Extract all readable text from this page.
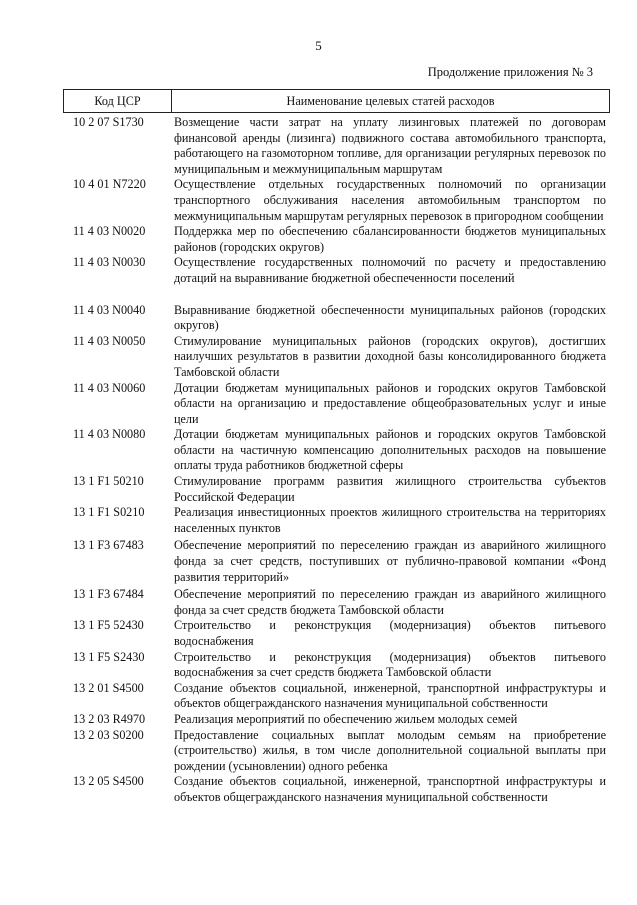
5
Продолжение приложения № 3
Код ЦСР	Наименование целевых статей расходов
10 2 07 S1730	Возмещение части затрат на уплату лизинговых платежей по договорам финансовой аренды (лизинга) подвижного состава автомобильного транспорта, работающего на газомоторном топливе, для организации регулярных перевозок по муниципальным и межмуниципальным маршрутам
10 4 01 N7220	Осуществление отдельных государственных полномочий по организации транспортного обслуживания населения автомобильным транспортом по межмуниципальным маршрутам регулярных перевозок в пригородном сообщении
11 4 03 N0020	Поддержка мер по обеспечению сбалансированности бюджетов муниципальных районов (городских округов)
11 4 03 N0030	Осуществление государственных полномочий по расчету и предоставлению дотаций на выравнивание бюджетной обеспеченности поселений
11 4 03 N0040	Выравнивание бюджетной обеспеченности муниципальных районов (городских округов)
11 4 03 N0050	Стимулирование муниципальных районов (городских округов), достигших наилучших результатов в развитии доходной базы консолидированного бюджета Тамбовской области
11 4 03 N0060	Дотации бюджетам муниципальных районов и городских округов Тамбовской области на организацию и предоставление общеобразовательных услуг и иные цели
11 4 03 N0080	Дотации бюджетам муниципальных районов и городских округов Тамбовской области на частичную компенсацию дополнительных расходов на повышение оплаты труда работников бюджетной сферы
13 1 F1 50210	Стимулирование программ развития жилищного строительства субъектов Российской Федерации
13 1 F1 S0210	Реализация инвестиционных проектов жилищного строительства на территориях населенных пунктов
13 1 F3 67483	Обеспечение мероприятий по переселению граждан из аварийного жилищного фонда за счет средств, поступивших от публично-правовой компании «Фонд развития территорий»
13 1 F3 67484	Обеспечение мероприятий по переселению граждан из аварийного жилищного фонда за счет средств бюджета Тамбовской области
13 1 F5 52430	Строительство и реконструкция (модернизация) объектов питьевого водоснабжения
13 1 F5 S2430	Строительство и реконструкция (модернизация) объектов питьевого водоснабжения за счет средств бюджета Тамбовской области
13 2 01 S4500	Создание объектов социальной, инженерной, транспортной инфраструктуры и объектов общегражданского назначения муниципальной собственности
13 2 03 R4970	Реализация мероприятий по обеспечению жильем молодых семей
13 2 03 S0200	Предоставление социальных выплат молодым семьям на приобретение (строительство) жилья, в том числе дополнительной социальной выплаты при рождении (усыновлении) одного ребенка
13 2 05 S4500	Создание объектов социальной, инженерной, транспортной инфраструктуры и объектов общегражданского назначения муниципальной собственности
